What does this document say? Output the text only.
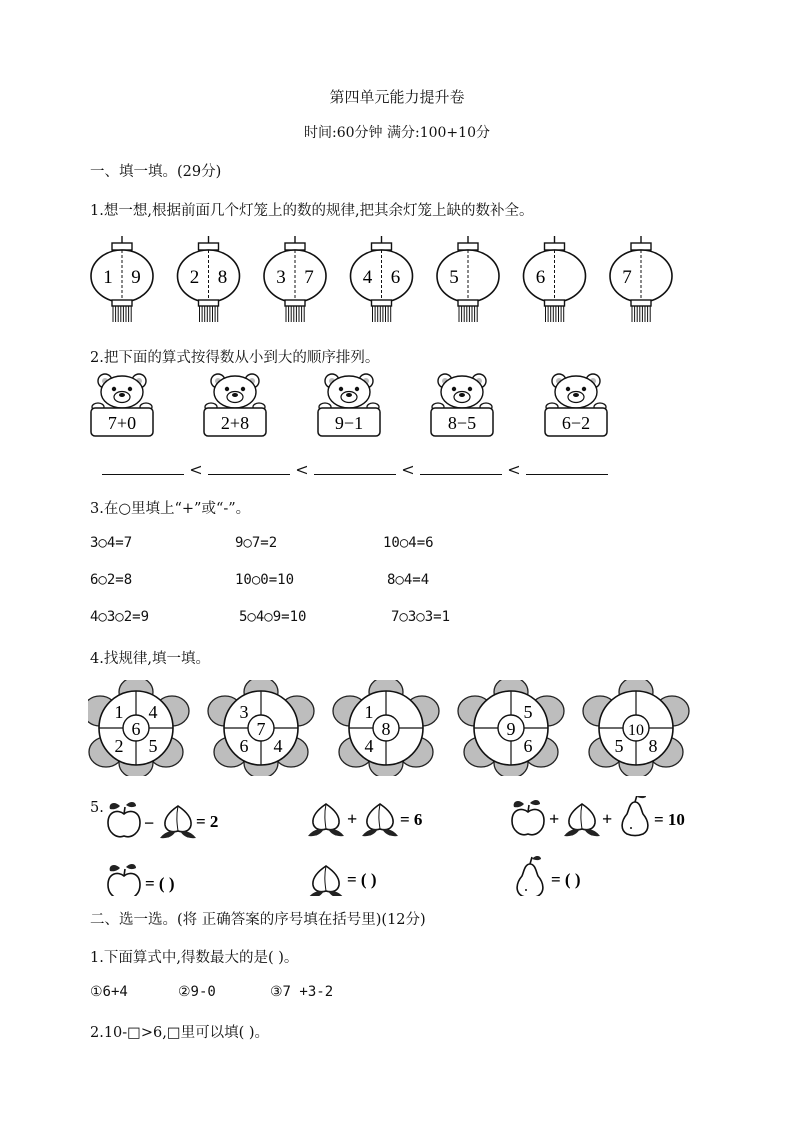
第四单元能力提升卷
时间:60分钟 满分:100+10分
一、填一填。(29分)
1.想一想,根据前面几个灯笼上的数的规律,把其余灯笼上缺的数补全。
1 9	2 8	3 7	4 6	5	6	7
2.把下面的算式按得数从小到大的顺序排列。
7+0	2+8	9−1	8−5	6−2
<	<	<	<
3.在○里填上“+”或“-”。
3○4=7	9○7=2	10○4=6
6○2=8	10○0=10	8○4=4
4○3○2=9	5○4○9=10	7○3○3=1
4.找规律,填一填。
6
1 4
2 5
7
3
6 4
8
1
4
9
5
6
10
5 8
5.
− = 2	+	= 6	+ + = 10
= ( )	= ( )	= ( )
二、选一选。(将 正确答案的序号填在括号里)(12分)
1.下面算式中,得数最大的是( )。
①6+4	②9-0	③7 +3-2
2.10-□>6,□里可以填( )。
